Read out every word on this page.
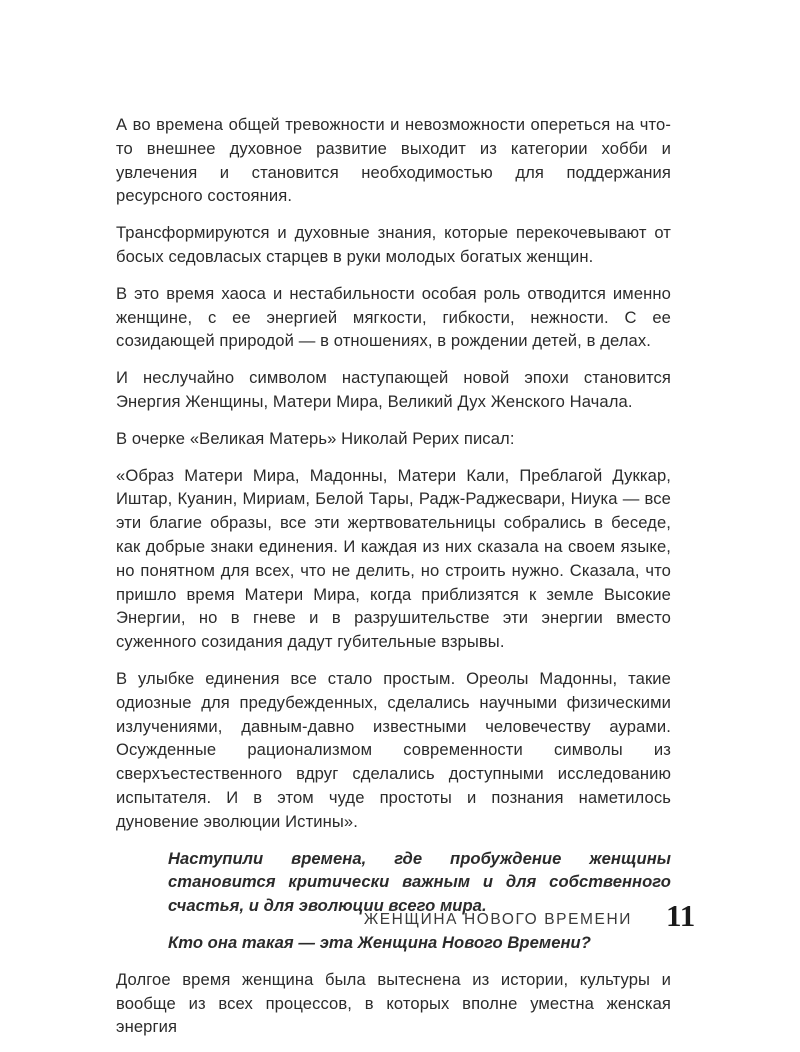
А во времена общей тревожности и невозможности опереться на что-то внешнее духовное развитие выходит из категории хобби и увлечения и становится необходимостью для поддержания ресурсного состояния.

Трансформируются и духовные знания, которые перекочевывают от босых седовласых старцев в руки молодых богатых женщин.

В это время хаоса и нестабильности особая роль отводится именно женщине, с ее энергией мягкости, гибкости, нежности. С ее созидающей природой — в отношениях, в рождении детей, в делах.

И неслучайно символом наступающей новой эпохи становится Энергия Женщины, Матери Мира, Великий Дух Женского Начала.

В очерке «Великая Матерь» Николай Рерих писал:

«Образ Матери Мира, Мадонны, Матери Кали, Преблагой Дуккар, Иштар, Куанин, Мириам, Белой Тары, Радж-Раджесвари, Ниука — все эти благие образы, все эти жертвовательницы собрались в беседе, как добрые знаки единения. И каждая из них сказала на своем языке, но понятном для всех, что не делить, но строить нужно. Сказала, что пришло время Матери Мира, когда приблизятся к земле Высокие Энергии, но в гневе и в разрушительстве эти энергии вместо суженного созидания дадут губительные взрывы.

В улыбке единения все стало простым. Ореолы Мадонны, такие одиозные для предубежденных, сделались научными физическими излучениями, давным-давно известными человечеству аурами. Осужденные рационализмом современности символы из сверхъестественного вдруг сделались доступными исследованию испытателя. И в этом чуде простоты и познания наметилось дуновение эволюции Истины».

Наступили времена, где пробуждение женщины становится критически важным и для собственного счастья, и для эволюции всего мира.

Кто она такая — эта Женщина Нового Времени?

Долгое время женщина была вытеснена из истории, культуры и вообще из всех процессов, в которых вполне уместна женская энергия

ЖЕНЩИНА НОВОГО ВРЕМЕНИ 11
